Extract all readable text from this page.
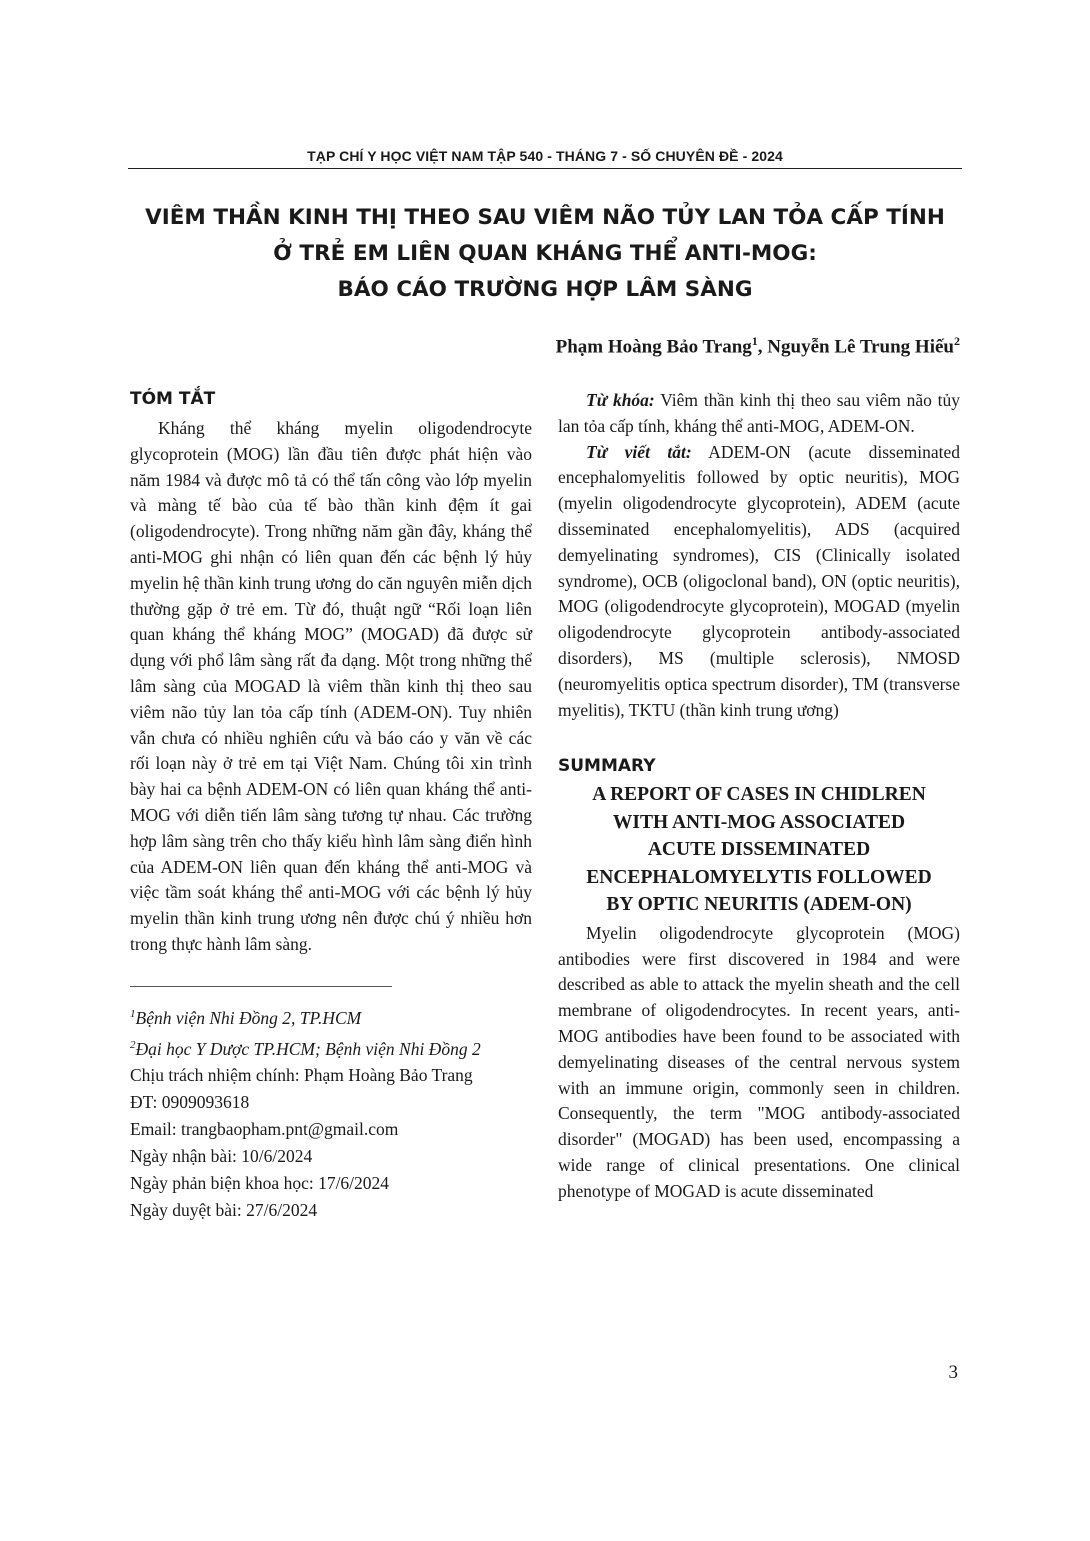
TẠP CHÍ Y HỌC VIỆT NAM TẬP 540 - THÁNG 7 - SỐ CHUYÊN ĐỀ - 2024
VIÊM THẦN KINH THỊ THEO SAU VIÊM NÃO TỦY LAN TỎA CẤP TÍNH
Ở TRẺ EM LIÊN QUAN KHÁNG THỂ ANTI-MOG:
BÁO CÁO TRƯỜNG HỢP LÂM SÀNG
Phạm Hoàng Bảo Trang$^1$, Nguyễn Lê Trung Hiếu$^2$
TÓM TẮT

Kháng thể kháng myelin oligodendrocyte glycoprotein (MOG) lần đầu tiên được phát hiện vào năm 1984 và được mô tả có thể tấn công vào lớp myelin và màng tế bào của tế bào thần kinh đệm ít gai (oligodendrocyte). Trong những năm gần đây, kháng thể anti-MOG ghi nhận có liên quan đến các bệnh lý hủy myelin hệ thần kinh trung ương do căn nguyên miễn dịch thường gặp ở trẻ em. Từ đó, thuật ngữ “Rối loạn liên quan kháng thể kháng MOG” (MOGAD) đã được sử dụng với phổ lâm sàng rất đa dạng. Một trong những thể lâm sàng của MOGAD là viêm thần kinh thị theo sau viêm não tủy lan tỏa cấp tính (ADEM-ON). Tuy nhiên vẫn chưa có nhiều nghiên cứu và báo cáo y văn về các rối loạn này ở trẻ em tại Việt Nam. Chúng tôi xin trình bày hai ca bệnh ADEM-ON có liên quan kháng thể anti-MOG với diễn tiến lâm sàng tương tự nhau. Các trường hợp lâm sàng trên cho thấy kiểu hình lâm sàng điển hình của ADEM-ON liên quan đến kháng thể anti-MOG và việc tầm soát kháng thể anti-MOG với các bệnh lý hủy myelin thần kinh trung ương nên được chú ý nhiều hơn trong thực hành lâm sàng.

$^1$Bệnh viện Nhi Đồng 2, TP.HCM
$^2$Đại học Y Dược TP.HCM; Bệnh viện Nhi Đồng 2
Chịu trách nhiệm chính: Phạm Hoàng Bảo Trang
ĐT: 0909093618
Email: trangbaopham.pnt@gmail.com
Ngày nhận bài: 10/6/2024
Ngày phản biện khoa học: 17/6/2024
Ngày duyệt bài: 27/6/2024

Từ khóa: Viêm thần kinh thị theo sau viêm não tủy lan tỏa cấp tính, kháng thể anti-MOG, ADEM-ON.

Từ viết tắt: ADEM-ON (acute disseminated encephalomyelitis followed by optic neuritis), MOG (myelin oligodendrocyte glycoprotein), ADEM (acute disseminated encephalomyelitis), ADS (acquired demyelinating syndromes), CIS (Clinically isolated syndrome), OCB (oligoclonal band), ON (optic neuritis), MOG (oligodendrocyte glycoprotein), MOGAD (myelin oligodendrocyte glycoprotein antibody-associated disorders), MS (multiple sclerosis), NMOSD (neuromyelitis optica spectrum disorder), TM (transverse myelitis), TKTU (thần kinh trung ương)

SUMMARY
A REPORT OF CASES IN CHIDLREN
WITH ANTI-MOG ASSOCIATED
ACUTE DISSEMINATED
ENCEPHALOMYELYTIS FOLLOWED
BY OPTIC NEURITIS (ADEM-ON)

Myelin oligodendrocyte glycoprotein (MOG) antibodies were first discovered in 1984 and were described as able to attack the myelin sheath and the cell membrane of oligodendrocytes. In recent years, anti-MOG antibodies have been found to be associated with demyelinating diseases of the central nervous system with an immune origin, commonly seen in children. Consequently, the term "MOG antibody-associated disorder" (MOGAD) has been used, encompassing a wide range of clinical presentations. One clinical phenotype of MOGAD is acute disseminated

3
